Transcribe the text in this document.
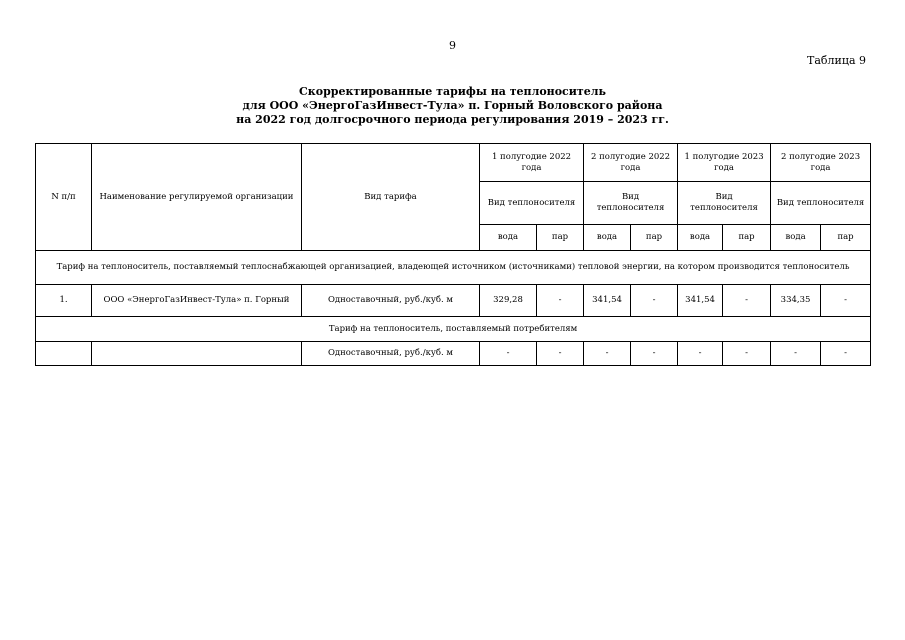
9
Таблица 9
Скорректированные тарифы на теплоноситель
для ООО «ЭнергоГазИнвест-Тула» п. Горный Воловского района
на 2022 год долгосрочного периода регулирования 2019 – 2023 гг.
N п/п	Наименование регулируемой организации	Вид тарифа	1 полугодие 2022 года		2 полугодие 2022 года		1 полугодие 2023 года		2 полугодие 2023 года	
			Вид теплоносителя		Вид теплоносителя		Вид теплоносителя		Вид теплоносителя	
			вода	пар	вода	пар	вода	пар	вода	пар
Тариф на теплоноситель, поставляемый теплоснабжающей организацией, владеющей источником (источниками) тепловой энергии, на котором производится теплоноситель										
1.	ООО «ЭнергоГазИнвест-Тула» п. Горный	Одноставочный, руб./куб. м	329,28	-	341,54	-	341,54	-	334,35	-
Тариф на теплоноситель, поставляемый потребителям										
		Одноставочный, руб./куб. м	-	-	-	-	-	-	-	-
